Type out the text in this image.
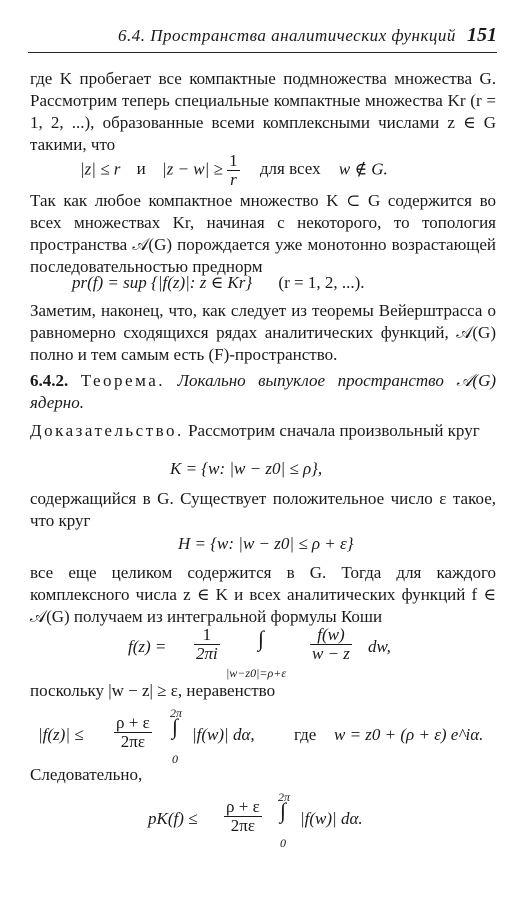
6.4. Пространства аналитических функций 151

где K пробегает все компактные подмножества множества G. Рассмотрим теперь специальные компактные множества Kr (r = 1, 2, ...), образованные всеми комплексными числами z ∈ G такими, что

|z| ≤ r и $|z - w| \ge \frac{1}{r}$ для всех w ∉ G.

Так как любое компактное множество K ⊂ G содержится во всех множествах Kr, начиная с некоторого, то топология пространства 𝒜(G) порождается уже монотонно возрастающей последовательностью преднорм

pr(f) = sup {|f(z)|: z ∈ Kr} (r = 1, 2, ...).

Заметим, наконец, что, как следует из теоремы Вейерштрасса о равномерно сходящихся рядах аналитических функций, 𝒜(G) полно и тем самым есть (F)-пространство.

6.4.2. Теорема. Локально выпуклое пространство 𝒜(G) ядерно.

Доказательство. Рассмотрим сначала произвольный круг

K = {w: |w − z0| ≤ ρ},

содержащийся в G. Существует положительное число ε такое, что круг

H = {w: |w − z0| ≤ ρ + ε}

все еще целиком содержится в G. Тогда для каждого комплексного числа z ∈ K и всех аналитических функций f ∈ 𝒜(G) получаем из интегральной формулы Коши

$f(z) = \frac{1}{2\pi i}$ ∫
|w−z0|=ρ+ε
$\frac{f(w)}{w - z}$ dw,

поскольку |w − z| ≥ ε, неравенство

$|f(z)| \le \frac{\rho + \varepsilon}{2\pi\varepsilon}$
2π
∫
0
|f(w)| dα, где w = z0 + (ρ + ε) e^iα.

Следовательно,

$pK(f) \le \frac{\rho + \varepsilon}{2\pi\varepsilon}$
2π
∫
0
|f(w)| dα.
